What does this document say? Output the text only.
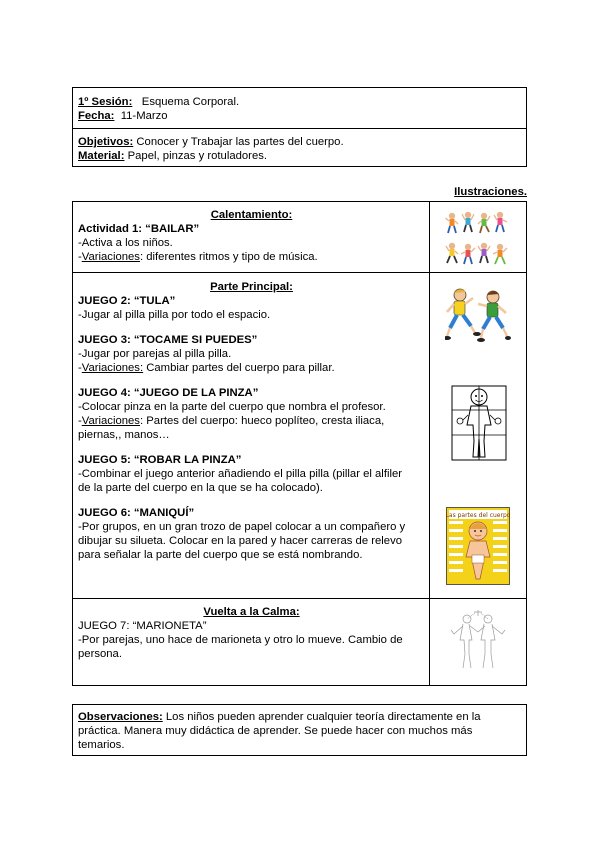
1º Sesión: Esquema Corporal.
Fecha: 11-Marzo
Objetivos: Conocer y Trabajar las partes del cuerpo.
Material: Papel, pinzas y rotuladores.
Ilustraciones.
Calentamiento:
Actividad 1: “BAILAR”
-Activa a los niños.
-Variaciones: diferentes ritmos y tipo de música.
Parte Principal:
JUEGO 2: “TULA”
-Jugar al pilla pilla por todo el espacio.
JUEGO 3: “TOCAME SI PUEDES”
-Jugar por parejas al pilla pilla.
-Variaciones: Cambiar partes del cuerpo para pillar.
JUEGO 4: “JUEGO DE LA PINZA”
-Colocar pinza en la parte del cuerpo que nombra el profesor.
-Variaciones: Partes del cuerpo: hueco poplíteo, cresta iliaca,
piernas,, manos…
JUEGO 5: “ROBAR LA PINZA”
-Combinar el juego anterior añadiendo el pilla pilla (pillar el alfiler
de la parte del cuerpo en la que se ha colocado).
JUEGO 6: “MANIQUÍ”
-Por grupos, en un gran trozo de papel colocar a un compañero y
dibujar su silueta. Colocar en la pared y hacer carreras de relevo
para señalar la parte del cuerpo que se está nombrando.
Vuelta a la Calma:
JUEGO 7: “MARIONETA”
-Por parejas, uno hace de marioneta y otro lo mueve. Cambio de
persona.
Las partes del cuerpo
Observaciones: Los niños pueden aprender cualquier teoría directamente en la
práctica. Manera muy didáctica de aprender. Se puede hacer con muchos más
temarios.
